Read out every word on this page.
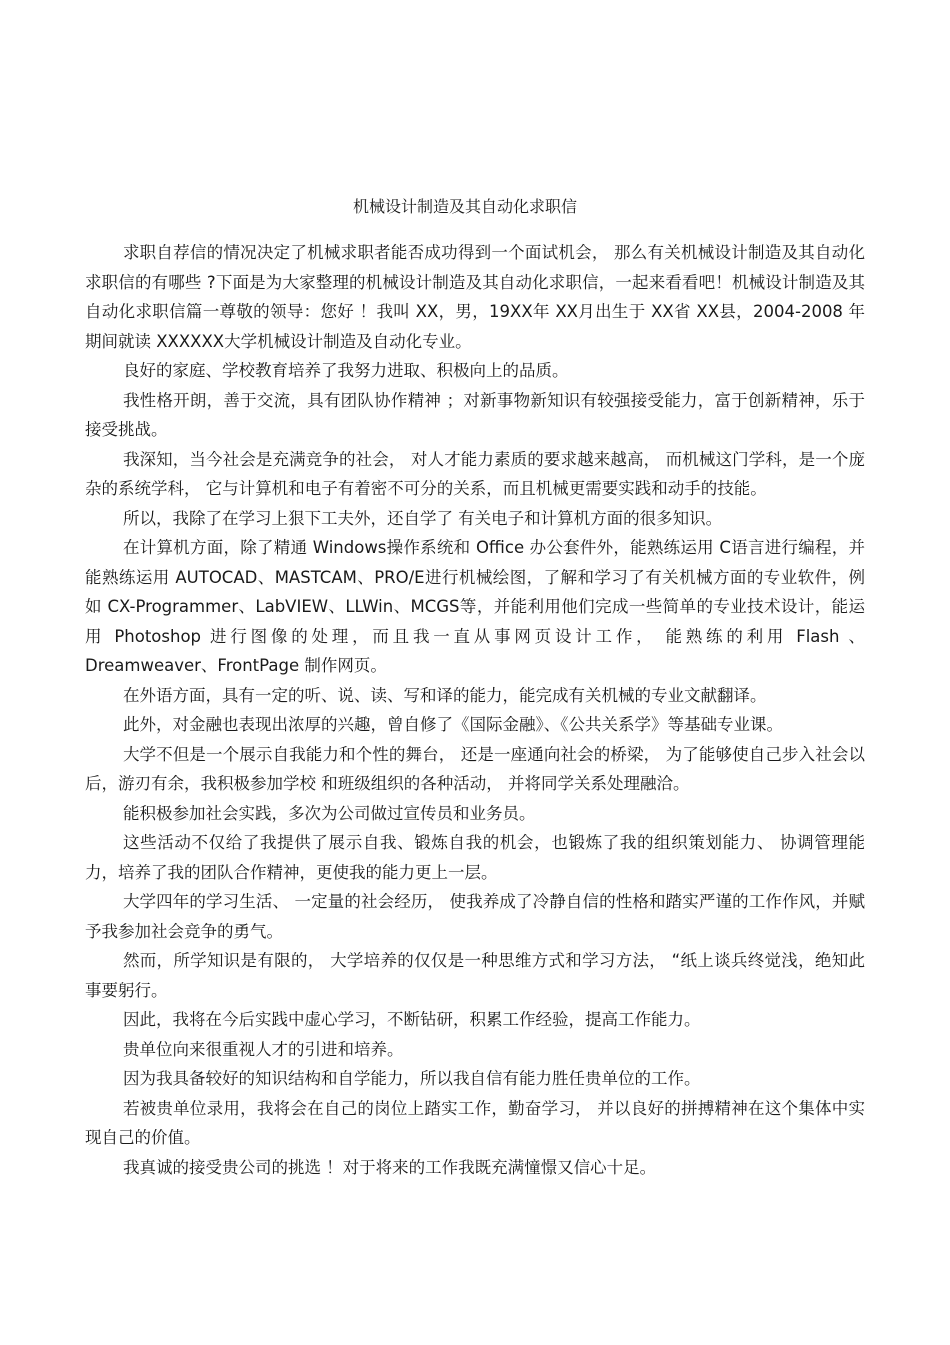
机械设计制造及其自动化求职信

求职自荐信的情况决定了机械求职者能否成功得到一个面试机会， 那么有关机械设计制造及其自动化求职信的有哪些 ?下面是为大家整理的机械设计制造及其自动化求职信，一起来看看吧！机械设计制造及其自动化求职信篇一尊敬的领导：您好 ！我叫 XX，男，19XX年 XX月出生于 XX省 XX县，2004-2008 年期间就读 XXXXXX大学机械设计制造及自动化专业。

良好的家庭、学校教育培养了我努力进取、积极向上的品质。

我性格开朗，善于交流，具有团队协作精神 ；对新事物新知识有较强接受能力，富于创新精神，乐于接受挑战。

我深知，当今社会是充满竞争的社会， 对人才能力素质的要求越来越高， 而机械这门学科，是一个庞杂的系统学科， 它与计算机和电子有着密不可分的关系，而且机械更需要实践和动手的技能。

所以，我除了在学习上狠下工夫外，还自学了 有关电子和计算机方面的很多知识。

在计算机方面，除了精通 Windows操作系统和 Office 办公套件外，能熟练运用 C语言进行编程，并能熟练运用 AUTOCAD、MASTCAM、PRO/E进行机械绘图，了解和学习了有关机械方面的专业软件，例如 CX-Programmer、LabVIEW、LLWin、MCGS等，并能利用他们完成一些简单的专业技术设计，能运用 Photoshop 进行图像的处理，而且我一直从事网页设计工作， 能熟练的利用 Flash 、Dreamweaver、FrontPage 制作网页。

在外语方面，具有一定的听、说、读、写和译的能力，能完成有关机械的专业文献翻译。

此外，对金融也表现出浓厚的兴趣，曾自修了《国际金融》、《公共关系学》等基础专业课。

大学不但是一个展示自我能力和个性的舞台， 还是一座通向社会的桥梁， 为了能够使自己步入社会以后，游刃有余，我积极参加学校 和班级组织的各种活动， 并将同学关系处理融洽。

能积极参加社会实践，多次为公司做过宣传员和业务员。

这些活动不仅给了我提供了展示自我、锻炼自我的机会，也锻炼了我的组织策划能力、 协调管理能力，培养了我的团队合作精神，更使我的能力更上一层。

大学四年的学习生活、 一定量的社会经历， 使我养成了冷静自信的性格和踏实严谨的工作作风，并赋予我参加社会竞争的勇气。

然而，所学知识是有限的， 大学培养的仅仅是一种思维方式和学习方法， “纸上谈兵终觉浅，绝知此事要躬行。

因此，我将在今后实践中虚心学习，不断钻研，积累工作经验，提高工作能力。

贵单位向来很重视人才的引进和培养。

因为我具备较好的知识结构和自学能力，所以我自信有能力胜任贵单位的工作。

若被贵单位录用，我将会在自己的岗位上踏实工作，勤奋学习， 并以良好的拼搏精神在这个集体中实现自己的价值。

我真诚的接受贵公司的挑选 ！对于将来的工作我既充满憧憬又信心十足。
